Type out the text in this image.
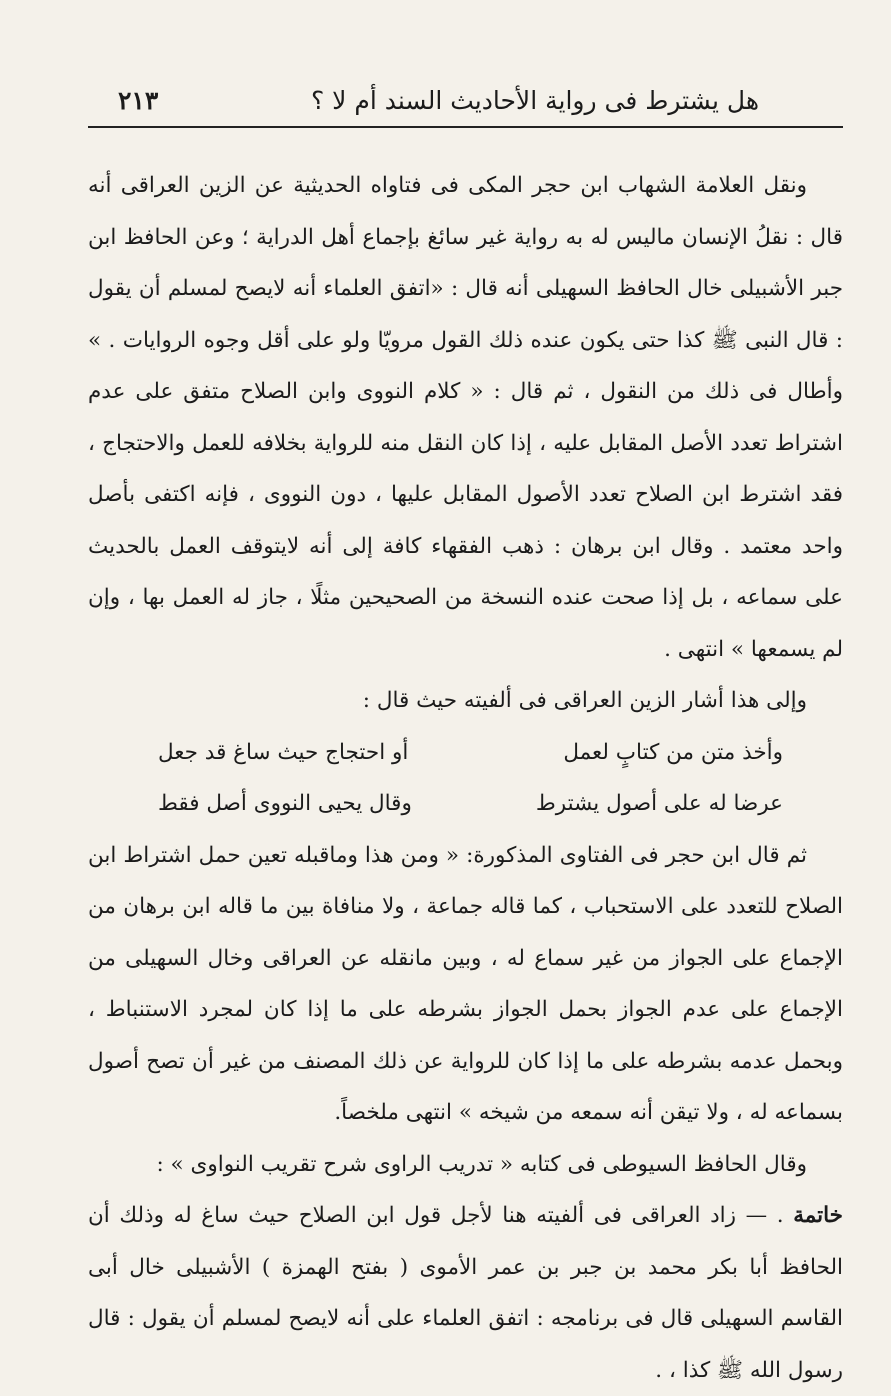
هل يشترط فى رواية الأحاديث السند أم لا ؟
٢١٣

ونقل العلامة الشهاب ابن حجر المكى فى فتاواه الحديثية عن الزين العراقى أنه قال : نقلُ الإنسان ماليس له به رواية غير سائغ بإجماع أهل الدراية ؛ وعن الحافظ ابن جبر الأشبيلى خال الحافظ السهيلى أنه قال : «اتفق العلماء أنه لايصح لمسلم أن يقول : قال النبى ﷺ كذا حتى يكون عنده ذلك القول مرويّا ولو على أقل وجوه الروايات . » وأطال فى ذلك من النقول ، ثم قال : « كلام النووى وابن الصلاح متفق على عدم اشتراط تعدد الأصل المقابل عليه ، إذا كان النقل منه للرواية بخلافه للعمل والاحتجاج ، فقد اشترط ابن الصلاح تعدد الأصول المقابل عليها ، دون النووى ، فإنه اكتفى بأصل واحد معتمد . وقال ابن برهان : ذهب الفقهاء كافة إلى أنه لايتوقف العمل بالحديث على سماعه ، بل إذا صحت عنده النسخة من الصحيحين مثلًا ، جاز له العمل بها ، وإن لم يسمعها » انتهى .

وإلى هذا أشار الزين العراقى فى ألفيته حيث قال :

وأخذ متن من كتابٍ لعمل
أو احتجاج حيث ساغ قد جعل
عرضا له على أصول يشترط
وقال يحيى النووى أصل فقط

ثم قال ابن حجر فى الفتاوى المذكورة: « ومن هذا وماقبله تعين حمل اشتراط ابن الصلاح للتعدد على الاستحباب ، كما قاله جماعة ، ولا منافاة بين ما قاله ابن برهان من الإجماع على الجواز من غير سماع له ، وبين مانقله عن العراقى وخال السهيلى من الإجماع على عدم الجواز بحمل الجواز بشرطه على ما إذا كان لمجرد الاستنباط ، وبحمل عدمه بشرطه على ما إذا كان للرواية عن ذلك المصنف من غير أن تصح أصول بسماعه له ، ولا تيقن أنه سمعه من شيخه » انتهى ملخصاً.

وقال الحافظ السيوطى فى كتابه « تدريب الراوى شرح تقريب النواوى » :

خاتمة . — زاد العراقى فى ألفيته هنا لأجل قول ابن الصلاح حيث ساغ له وذلك أن الحافظ أبا بكر محمد بن جبر بن عمر الأموى ( بفتح الهمزة ) الأشبيلى خال أبى القاسم السهيلى قال فى برنامجه : اتفق العلماء على أنه لايصح لمسلم أن يقول : قال رسول الله ﷺ كذا ، .
